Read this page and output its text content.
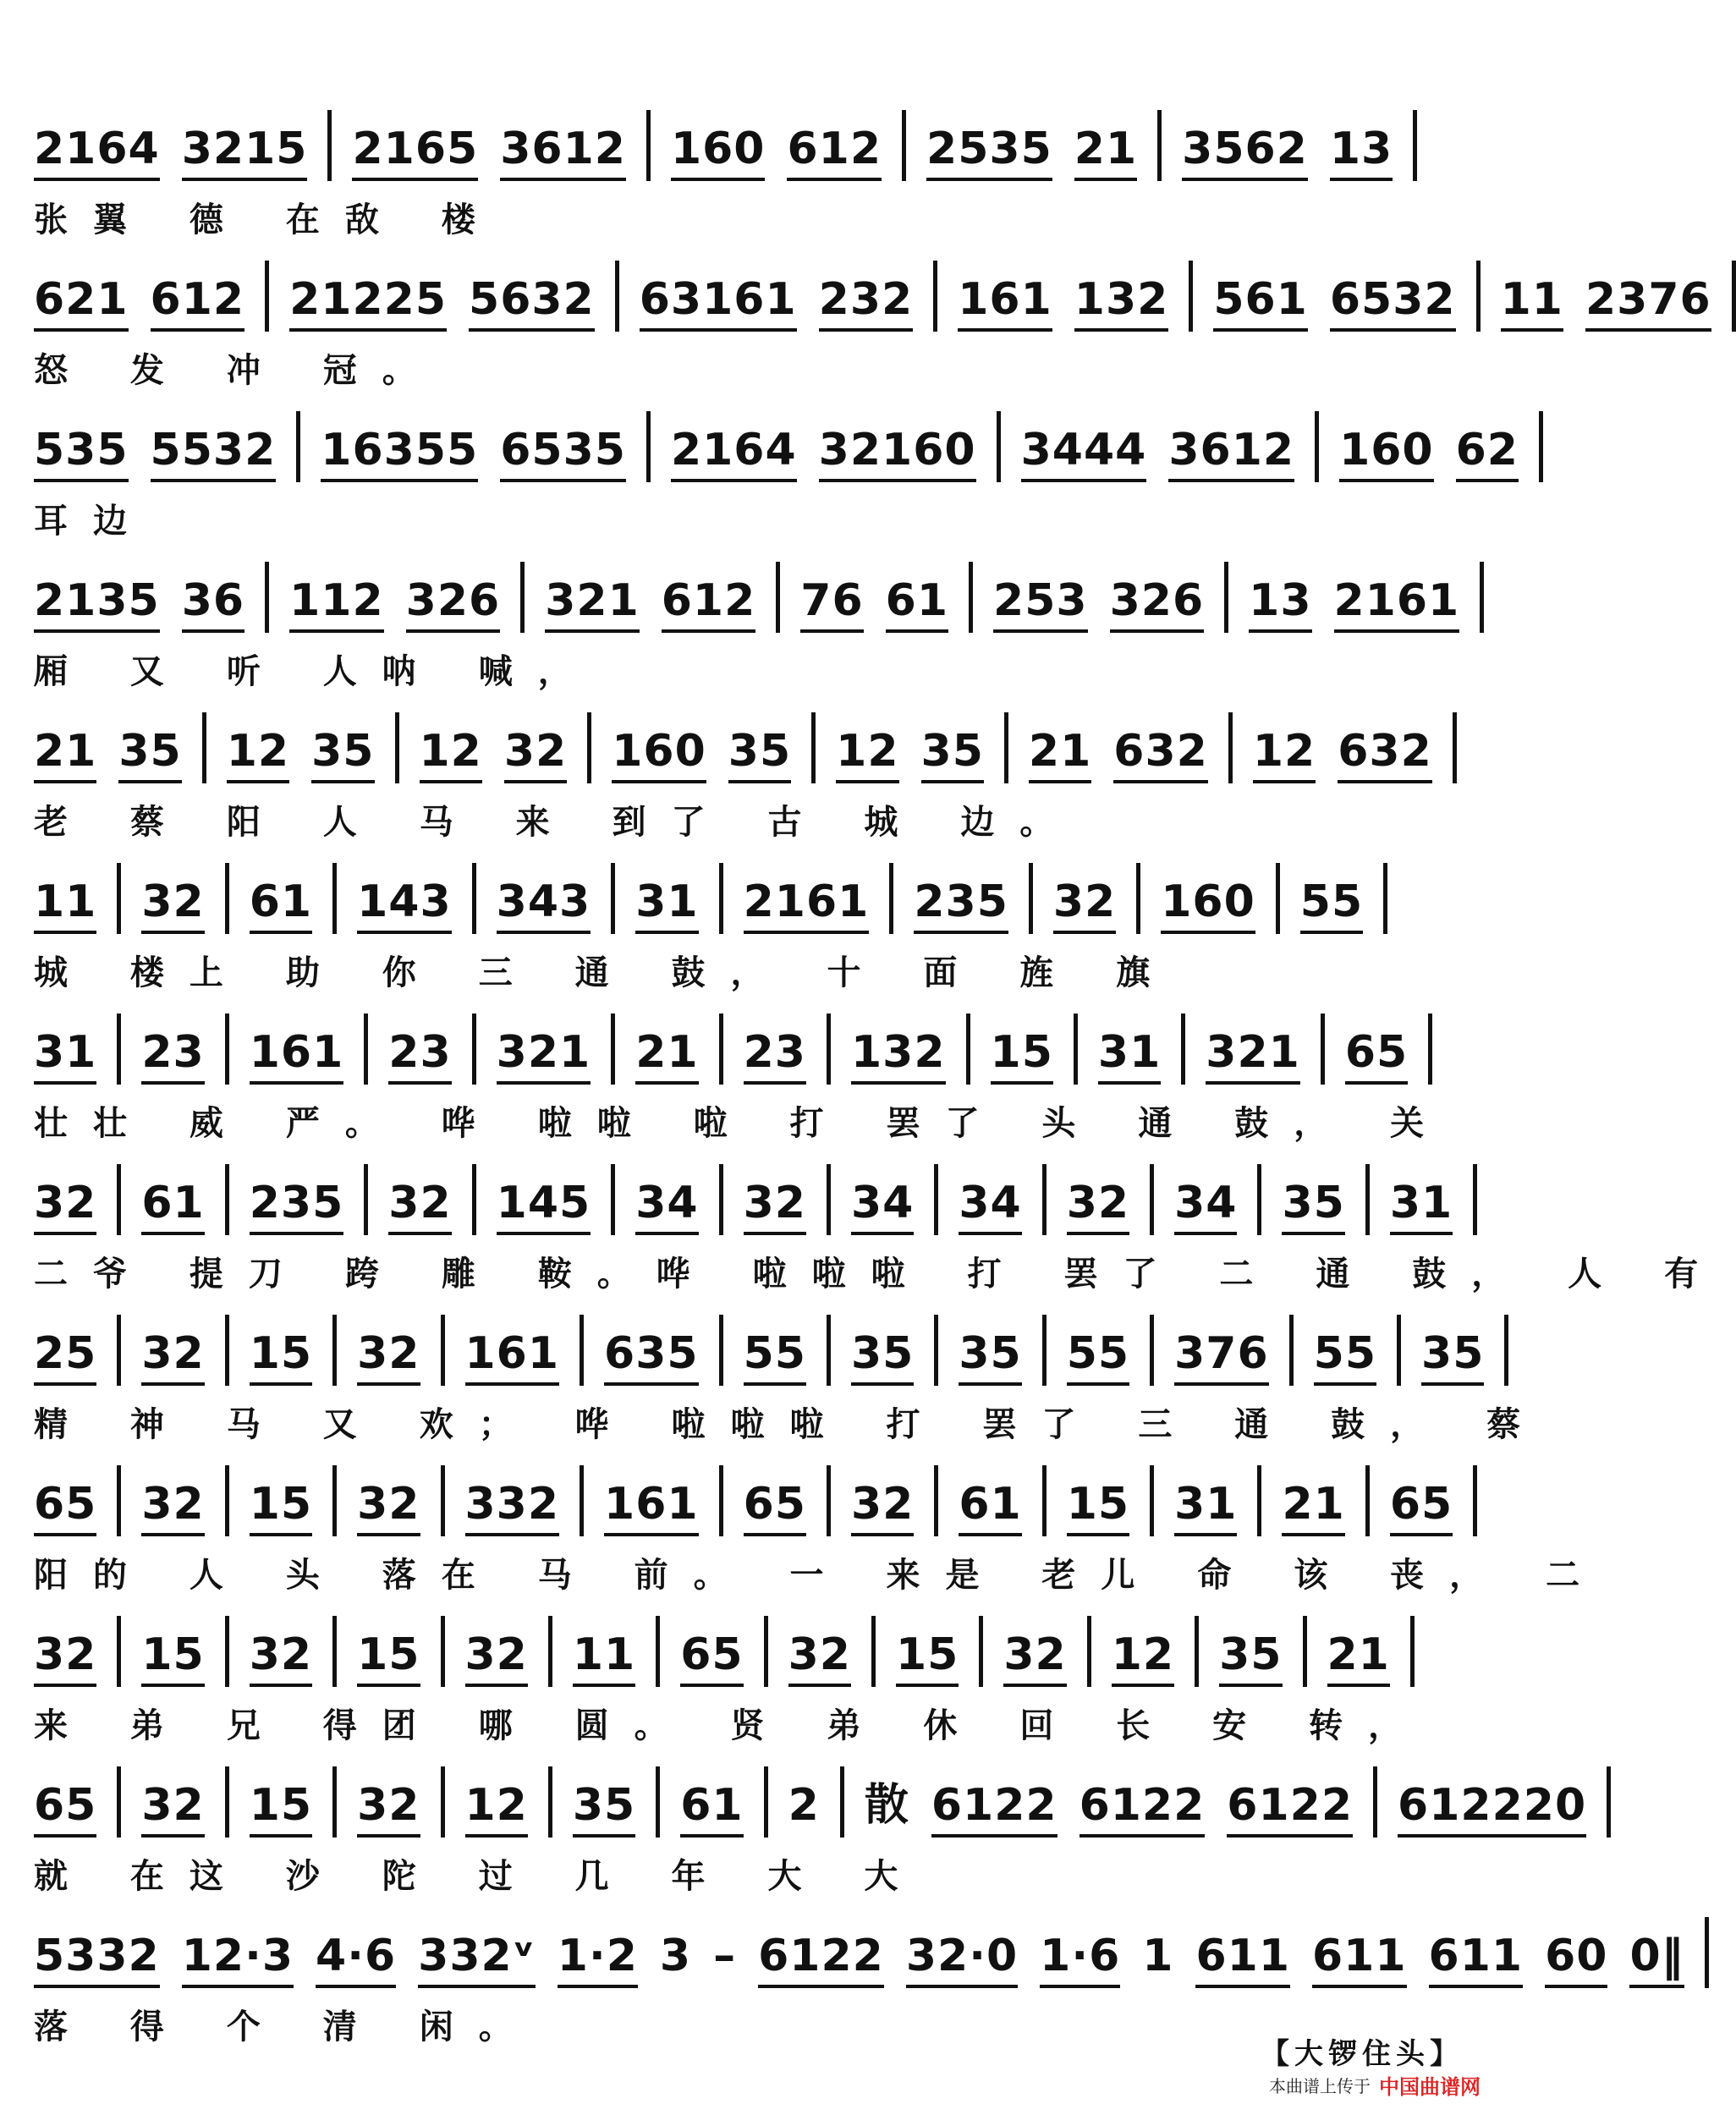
2164 3215 2165 3612 160 612 2535 21 3562 13
张翼 德 在敌 楼
621 612 21225 5632 63161 232 161 132 561 6532 11 2376
怒 发 冲 冠。
535 5532 16355 6535 2164 32160 3444 3612 160 62
耳边
2135 36 112 326 321 612 76 61 253 326 13 2161
厢 又 听 人呐 喊，
21 35 12 35 12 32 160 35 12 35 21 632 12 632
老 蔡 阳 人 马 来 到了 古 城 边。
11 32 61 143 343 31 2161 235 32 160 55
城 楼上 助 你 三 通 鼓， 十 面 旌 旗
31 23 161 23 321 21 23 132 15 31 321 65
壮壮 威 严。 哗 啦啦 啦 打 罢了 头 通 鼓， 关
32 61 235 32 145 34 32 34 34 32 34 35 31
二爷 提刀 跨 雕 鞍。哗 啦啦啦 打 罢了 二 通 鼓， 人 有
25 32 15 32 161 635 55 35 35 55 376 55 35
精 神 马 又 欢； 哗 啦啦啦 打 罢了 三 通 鼓， 蔡
65 32 15 32 332 161 65 32 61 15 31 21 65
阳的 人 头 落在 马 前。 一 来是 老儿 命 该 丧， 二
32 15 32 15 32 11 65 32 15 32 12 35 21
来 弟 兄 得团 哪 圆。 贤 弟 休 回 长 安 转，
65 32 15 32 12 35 61 2 散 6122 6122 6122 612220
就 在这 沙 陀 过 几 年 大 大
5332 12·3 4·6 332ᵛ 1·2 3 – 6122 32·0 1·6 1 611 611 611 60 0‖
落 得 个 清 闲。
【大锣住头】
本曲谱上传于 中国曲谱网
